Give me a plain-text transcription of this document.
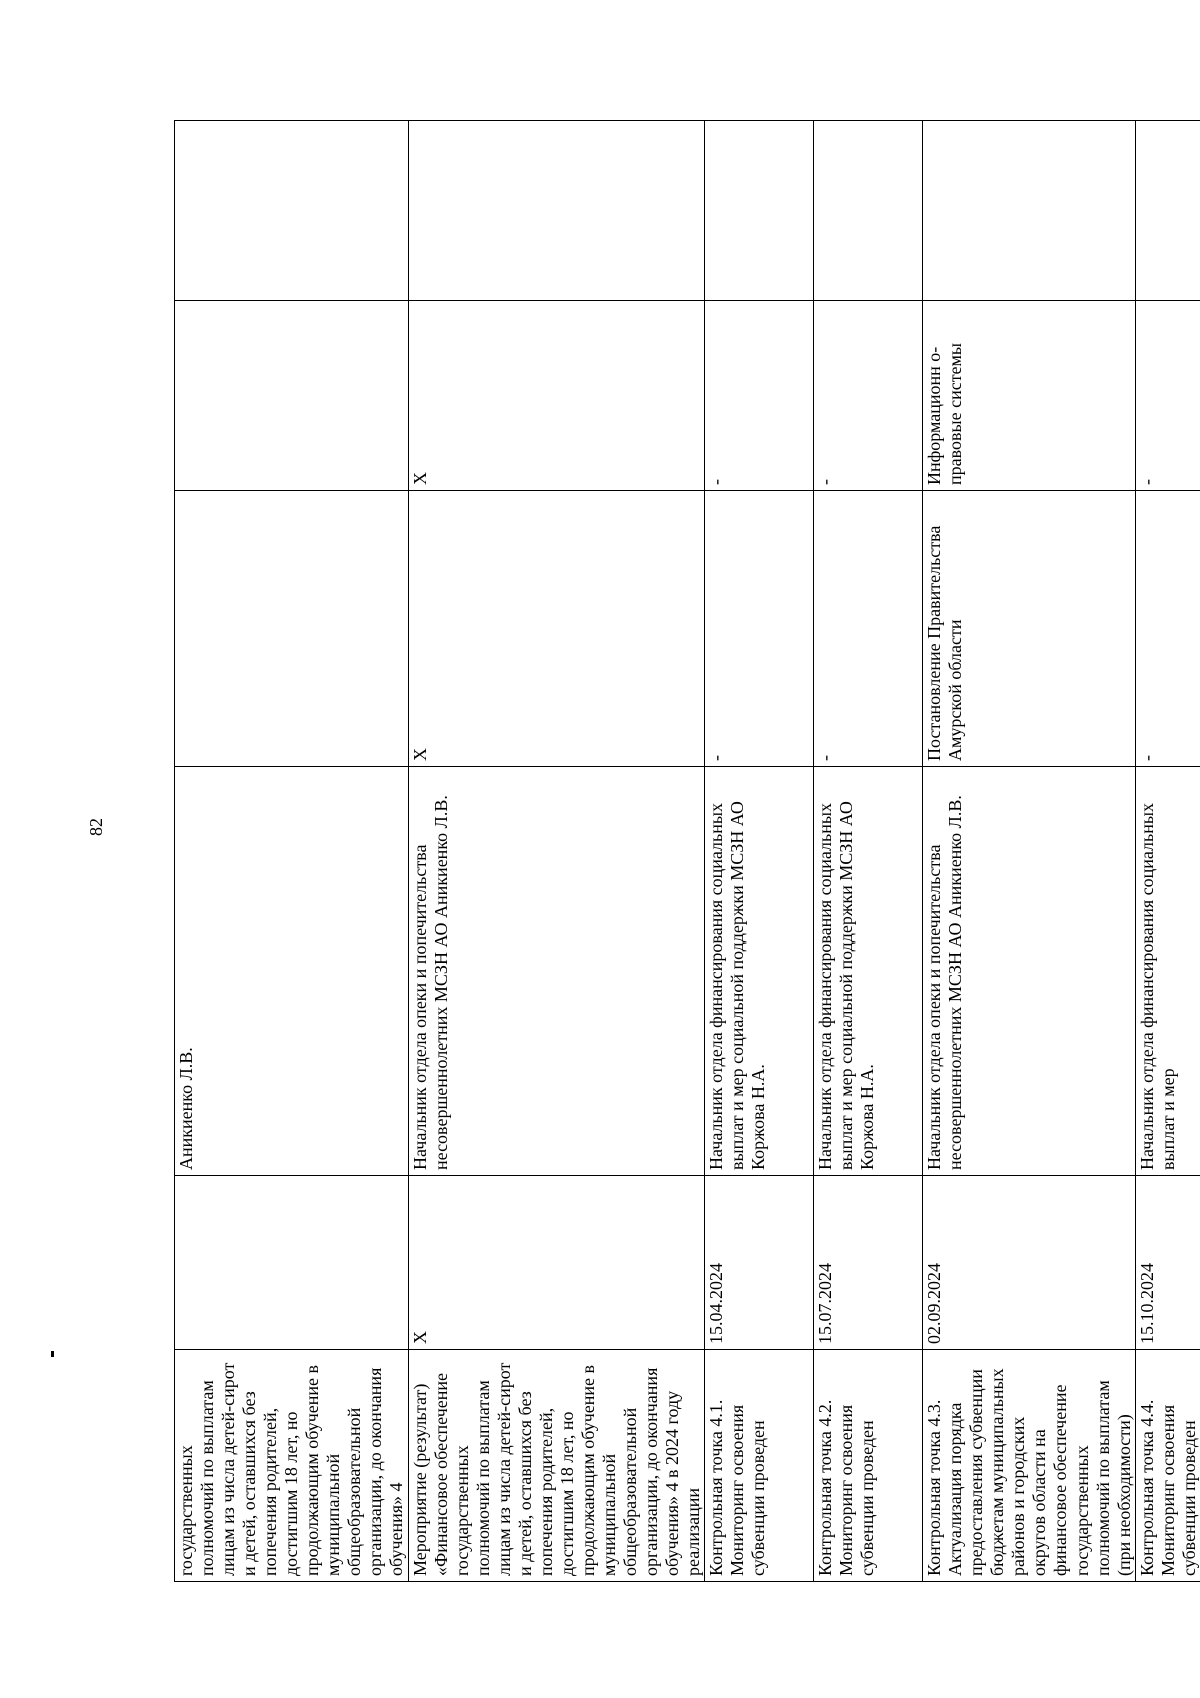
82
государственных полномочий по выплатам лицам из числа детей-сирот и детей, оставшихся без попечения родителей, достигшим 18 лет, но продолжающим обучение в муниципальной общеобразовательной организации, до окончания обучения» 4		Аникиенко Л.В.			
Мероприятие (результат) «Финансовое обеспечение государственных полномочий по выплатам лицам из числа детей-сирот и детей, оставшихся без попечения родителей, достигшим 18 лет, но продолжающим обучение в муниципальной общеобразовательной организации, до окончания обучения» 4 в 2024 году реализации	Х	Начальник отдела опеки и попечительства несовершеннолетних МСЗН АО Аникиенко Л.В.	Х	Х	
Контрольная точка 4.1. Мониторинг освоения субвенции проведен	15.04.2024	Начальник отдела финансирования социальных выплат и мер социальной поддержки МСЗН АО Коржова Н.А.	-	-	
Контрольная точка 4.2. Мониторинг освоения субвенции проведен	15.07.2024	Начальник отдела финансирования социальных выплат и мер социальной поддержки МСЗН АО Коржова Н.А.	-	-	
Контрольная точка 4.3. Актуализация порядка предоставления субвенции бюджетам муниципальных районов и городских округов области на финансовое обеспечение государственных полномочий по выплатам (при необходимости)	02.09.2024	Начальник отдела опеки и попечительства несовершеннолетних МСЗН АО Аникиенко Л.В.	Постановление Правительства Амурской области	Информационн о-правовые системы	
Контрольная точка 4.4. Мониторинг освоения субвенции проведен	15.10.2024	Начальник отдела финансирования социальных выплат и мер	-	-	
